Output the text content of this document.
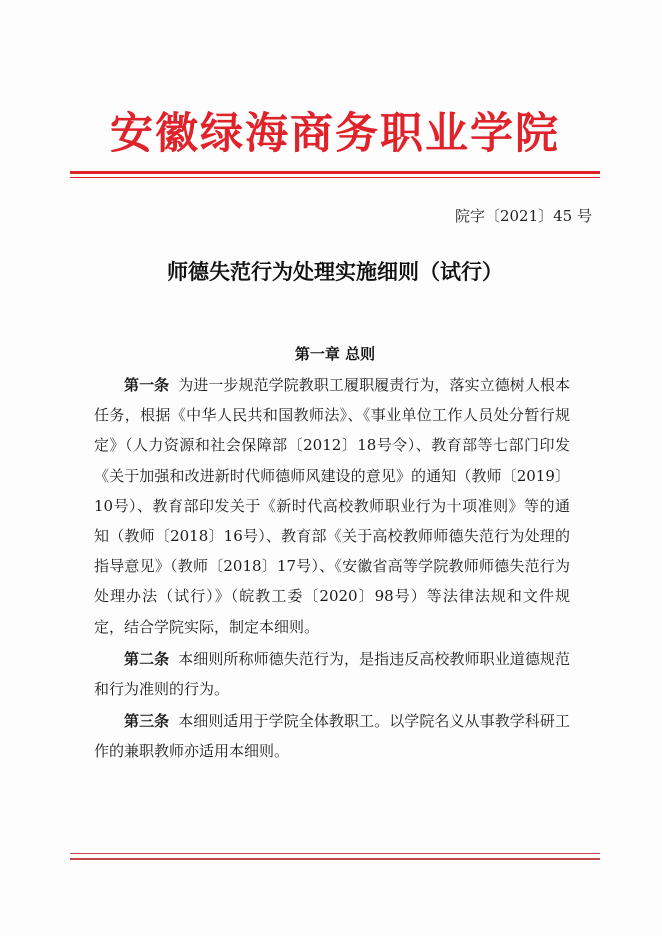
安徽绿海商务职业学院
院字〔2021〕45 号
师德失范行为处理实施细则（试行）
第一章 总则

第一条 为进一步规范学院教职工履职履责行为，落实立德树人根本任务，根据《中华人民共和国教师法》、《事业单位工作人员处分暂行规定》（人力资源和社会保障部〔2012〕18号令）、教育部等七部门印发《关于加强和改进新时代师德师风建设的意见》的通知（教师〔2019〕10号）、教育部印发关于《新时代高校教师职业行为十项准则》等的通知（教师〔2018〕16号）、教育部《关于高校教师师德失范行为处理的指导意见》（教师〔2018〕17号）、《安徽省高等学院教师师德失范行为处理办法（试行）》（皖教工委〔2020〕98号）等法律法规和文件规定，结合学院实际，制定本细则。

第二条 本细则所称师德失范行为，是指违反高校教师职业道德规范和行为准则的行为。

第三条 本细则适用于学院全体教职工。以学院名义从事教学科研工作的兼职教师亦适用本细则。
